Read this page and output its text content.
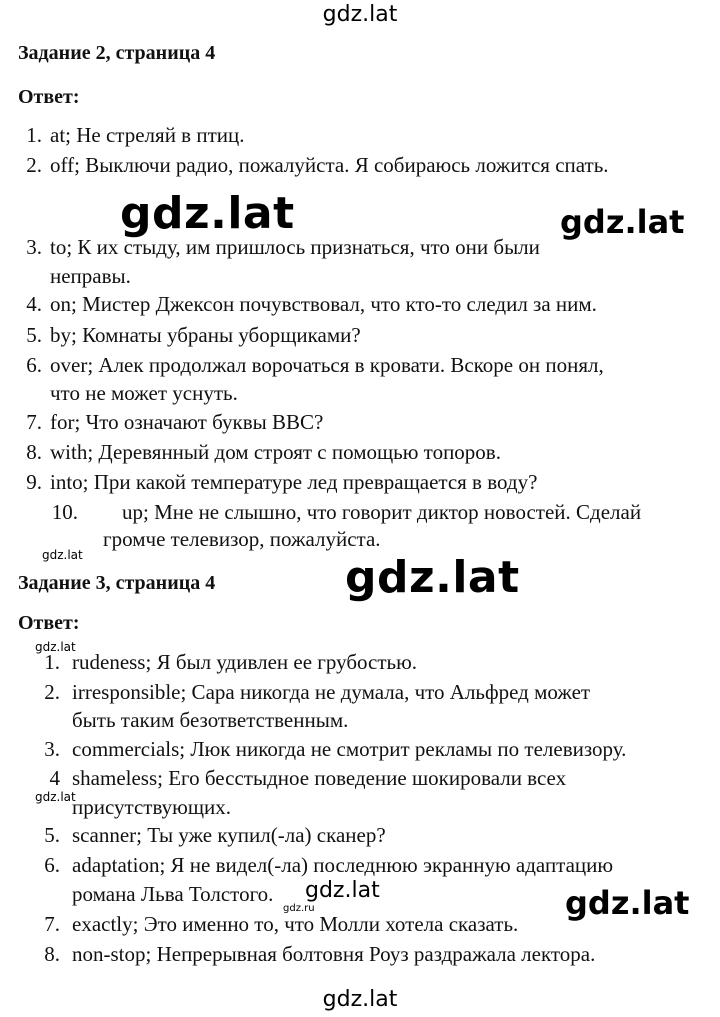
gdz.lat
gdz.lat	gdz.lat
gdz.lat	gdz.lat
gdz.lat
gdz.lat
gdz.lat	gdz.lat
gdz.ru
gdz.lat
Задание 2, страница 4
Ответ:
1. at; Не стреляй в птиц.
2. off; Выключи радио, пожалуйста. Я собираюсь ложится спать.
3. to; К их стыду, им пришлось признаться, что они были
неправы.
4. on; Мистер Джексон почувствовал, что кто-то следил за ним.
5. by; Комнаты убраны уборщиками?
6. over; Алек продолжал ворочаться в кровати. Вскоре он понял,
что не может уснуть.
7. for; Что означают буквы BBC?
8. with; Деревянный дом строят с помощью топоров.
9. into; При какой температуре лед превращается в воду?
10. up; Мне не слышно, что говорит диктор новостей. Сделай
громче телевизор, пожалуйста.
Задание 3, страница 4
Ответ:
1. rudeness; Я был удивлен ее грубостью.
2. irresponsible; Сара никогда не думала, что Альфред может
быть таким безответственным.
3. commercials; Люк никогда не смотрит рекламы по телевизору.
4 shameless; Его бесстыдное поведение шокировали всех
присутствующих.
5. scanner; Ты уже купил(-ла) сканер?
6. adaptation; Я не видел(-ла) последнюю экранную адаптацию
романа Льва Толстого.
7. exactly; Это именно то, что Молли хотела сказать.
8. non-stop; Непрерывная болтовня Роуз раздражала лектора.
